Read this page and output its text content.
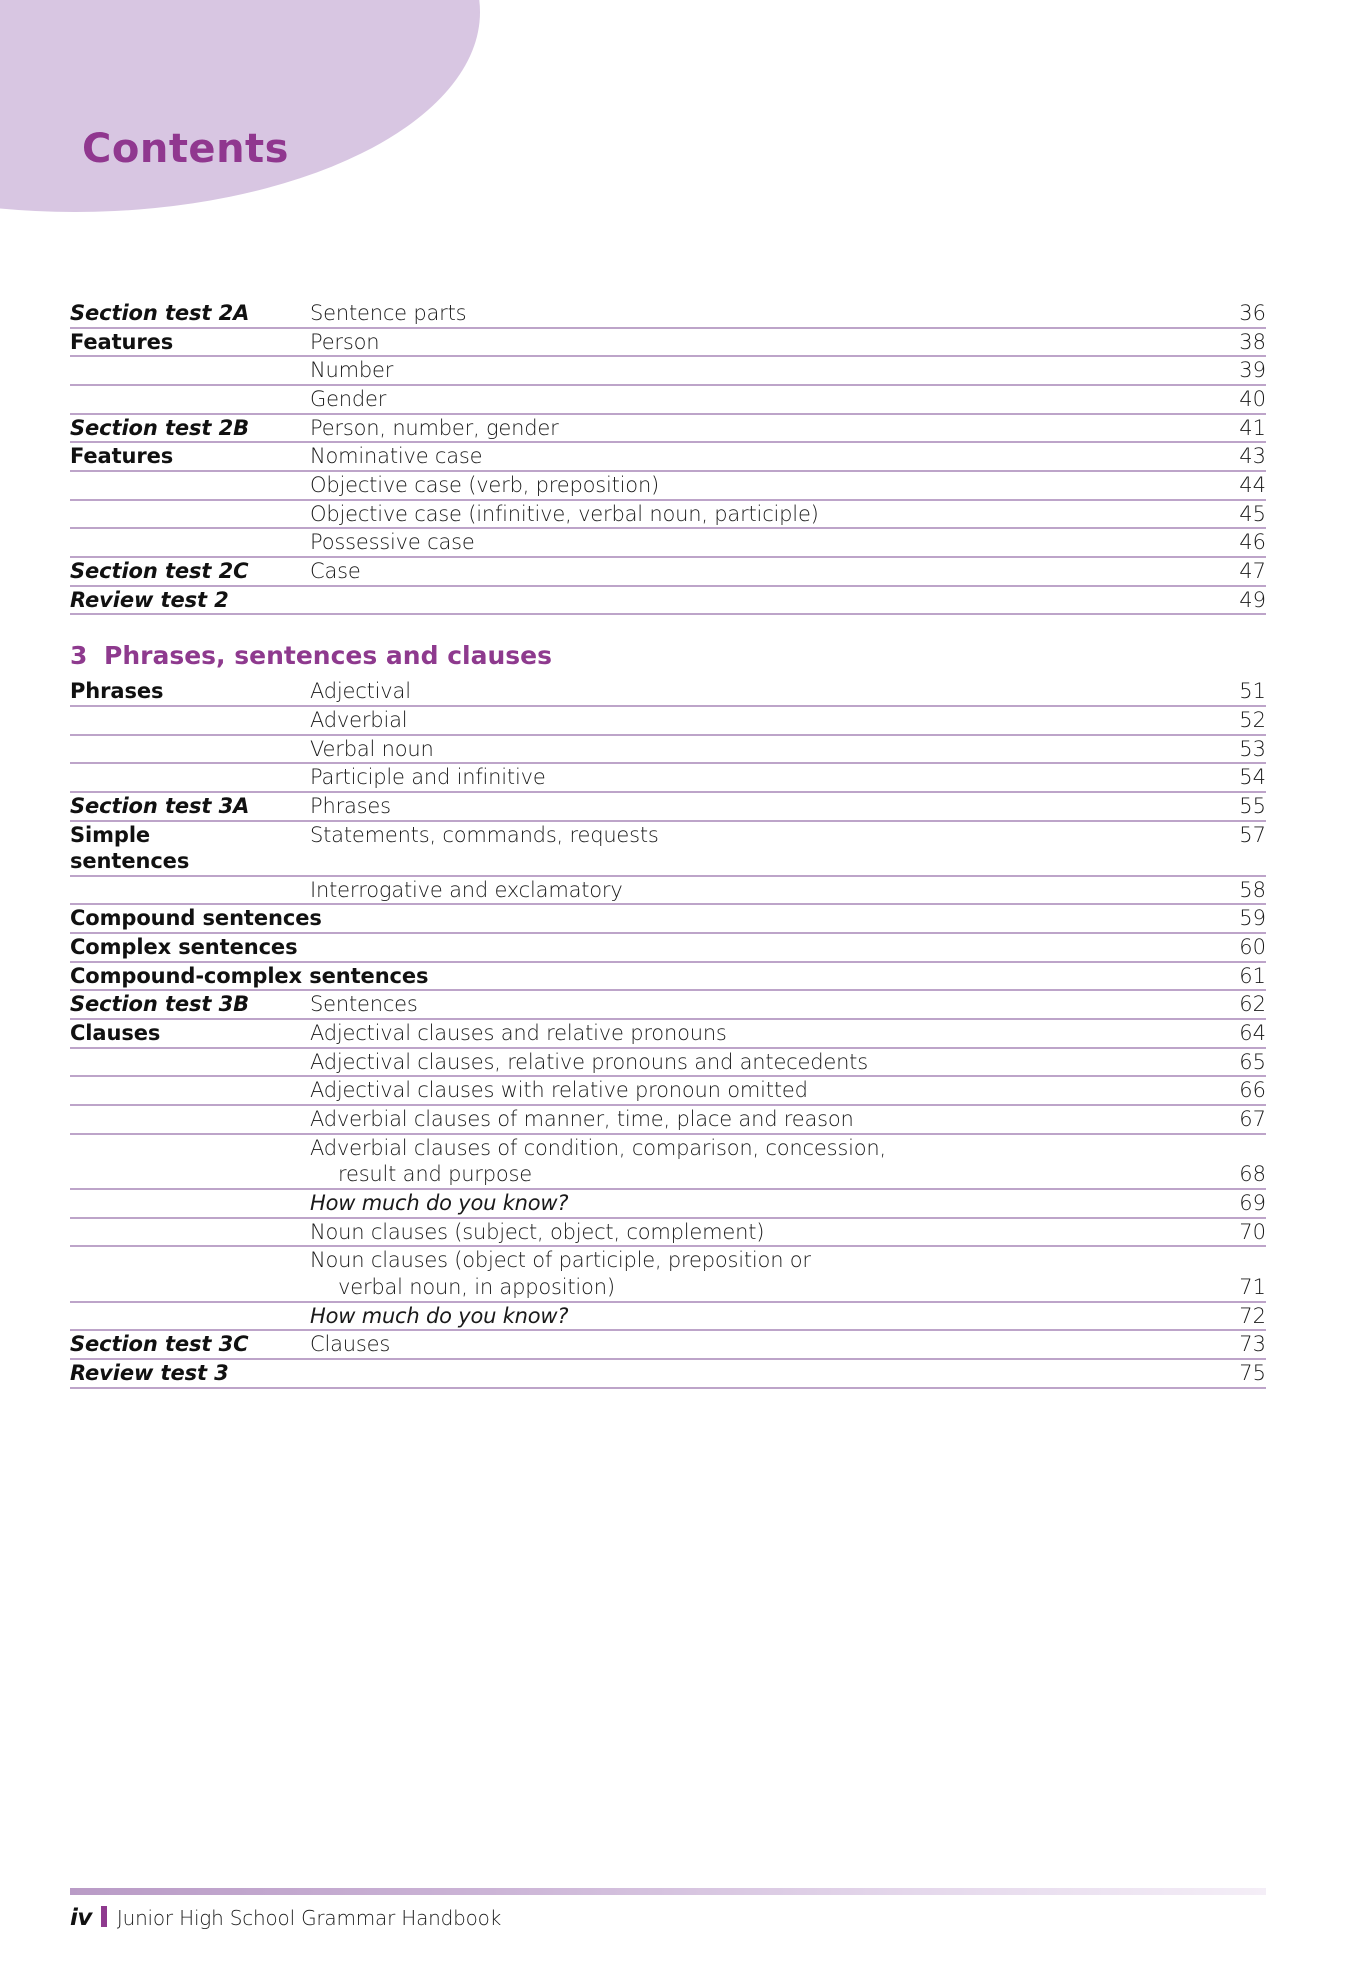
Contents
Section test 2A	Sentence parts	36

Features	Person	38
	Number	39
	Gender	40

Section test 2B	Person, number, gender	41

Features	Nominative case	43
	Objective case (verb, preposition)	44
	Objective case (infinitive, verbal noun, participle)	45
	Possessive case	46

Section test 2C	Case	47

Review test 2		49

3 Phrases, sentences and clauses		

Phrases	Adjectival	51
	Adverbial	52
	Verbal noun	53
	Participle and infinitive	54

Section test 3A	Phrases	55

Simple
sentences	Statements, commands, requests	57
	Interrogative and exclamatory	58
Compound sentences		59
Complex sentences		60
Compound-complex sentences		61

Section test 3B	Sentences	62

Clauses	Adjectival clauses and relative pronouns	64
	Adjectival clauses, relative pronouns and antecedents	65
	Adjectival clauses with relative pronoun omitted	66
	Adverbial clauses of manner, time, place and reason	67
	Adverbial clauses of condition, comparison, concession,
result and purpose	68
	How much do you know?	69
	Noun clauses (subject, object, complement)	70
	Noun clauses (object of participle, preposition or
verbal noun, in apposition)	71
	How much do you know?	72

Section test 3C	Clauses	73

Review test 3		75
iv Junior High School Grammar Handbook
